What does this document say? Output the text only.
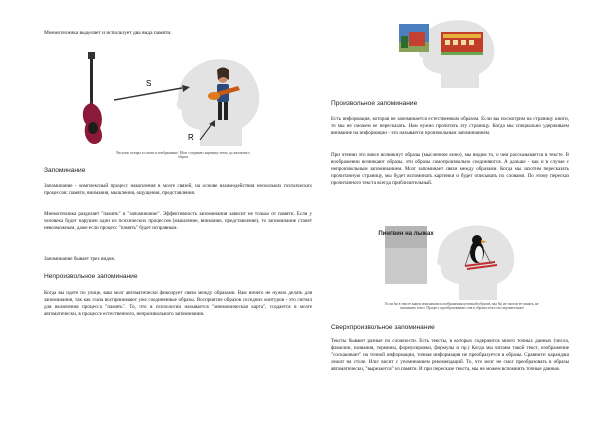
Мнемотехника выделяет и использует два вида памяти.

S
R

Рисунок гитары в голове и изображение. Мозг соединяет картинку четко до желаемого образа

Запоминание

Запоминание - комплексный процесс накопления в мозге связей, на основе взаимодействия нескольких психических процессов: памяти, внимания, мышления, ощущения, представления.

Мнемотехника разделяет "память" и "запоминание". Эффективность запоминания зависит не только от памяти. Если у человека будет нарушен один из психических процессов (мышление, внимание, представление), то запоминание станет невозможным, даже если процесс "память" будет исправным.

Запоминание бывает трех видов.

Непроизвольное запоминание

Когда вы идете по улице, ваш мозг автоматически фиксирует связи между образами. Вам ничего не нужно делать для запоминания, так как глаза воспринимают уже соединенные образы. Восприятие образов соседних контуров - это сигнал для включения процесса "память". То, что в психологии называется "мнемоническая карта", создается в мозге автоматически, в процессе естественного, непроизвольного запоминания.

Произвольное запоминание

Есть информация, которая не запоминается естественным образом. Если вы посмотрим на страницу книги, то мы не сможем ее пересказать. Нам нужно прочитать эту страницу. Когда мы специально удерживаем внимание на информации - это называется произвольным запоминанием.

При чтении это вовсе возникнут образы (мысленное кино), мы видим то, о чем рассказывается в тексте. В воображении возникают образы, эти образы самопроизвольно соединяются. А дальше - как и в случае с непроизвольным запоминанием. Мозг запоминает связи между образами. Когда мы захотим пересказать прочитанную страницу, мы будет вспоминать картинки и будет описывать их словами. По этому пересказ прочитанного текста всегда приблизительный.

Пингвин на лыжах

Если бы в тексте книги описывались изображения цепочкой образов, мы бы не смогли ее понять, не запомнить текст. Процесс преобразования слов в образы этого последовательное

Сверхпроизвольное запоминание

Тексты бывают разные по сложности. Есть тексты, в которых содержится много точных данных (числа, фамилии, названия, термины, формулировки, формулы и пр.) Когда мы читаем такой текст, изображение "соскакивает" на точной информации, точная информация не преобразуется в образы. Сравните: карандаш лежит на столе. Или: висит с упоминанием рекомендаций. То, что мозг не смог преобразовать в образы автоматически, "вырезается" из памяти. И при пересказе текста, мы не можем вспомнить точные данные.
